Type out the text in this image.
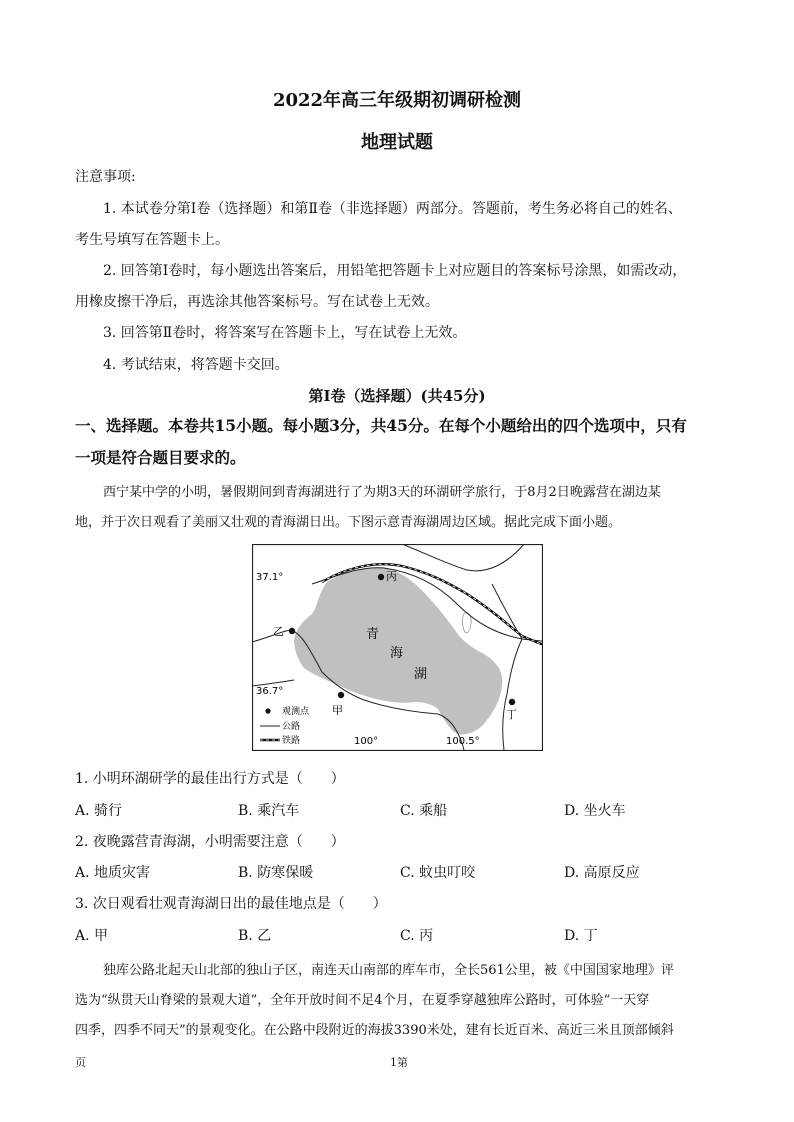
2022年高三年级期初调研检测
地理试题
注意事项:
1. 本试卷分第Ⅰ卷（选择题）和第Ⅱ卷（非选择题）两部分。答题前，考生务必将自己的姓名、
考生号填写在答题卡上。
2. 回答第Ⅰ卷时，每小题选出答案后，用铅笔把答题卡上对应题目的答案标号涂黑，如需改动，
用橡皮擦干净后，再选涂其他答案标号。写在试卷上无效。
3. 回答第Ⅱ卷时，将答案写在答题卡上，写在试卷上无效。
4. 考试结束，将答题卡交回。
第Ⅰ卷（选择题）(共45分)
一、选择题。本卷共15小题。每小题3分，共45分。在每个小题给出的四个选项中，只有
一项是符合题目要求的。
西宁某中学的小明，暑假期间到青海湖进行了为期3天的环湖研学旅行，于8月2日晚露营在湖边某
地，并于次日观看了美丽又壮观的青海湖日出。下图示意青海湖周边区域。据此完成下面小题。
37.1°
36.7°
100°	100.5°
青
海
湖
丙
乙
甲	丁
观测点
公路
铁路
1. 小明环湖研学的最佳出行方式是（　　）
A. 骑行	B. 乘汽车	C. 乘船	D. 坐火车
2. 夜晚露营青海湖，小明需要注意（　　）
A. 地质灾害	B. 防寒保暖	C. 蚊虫叮咬	D. 高原反应
3. 次日观看壮观青海湖日出的最佳地点是（　　）
A. 甲	B. 乙	C. 丙	D. 丁
独库公路北起天山北部的独山子区，南连天山南部的库车市，全长561公里，被《中国国家地理》评
选为“纵贯天山脊梁的景观大道”，全年开放时间不足4个月，在夏季穿越独库公路时，可体验“一天穿
四季，四季不同天”的景观变化。在公路中段附近的海拔3390米处，建有长近百米、高近三米且顶部倾斜
页	1第
